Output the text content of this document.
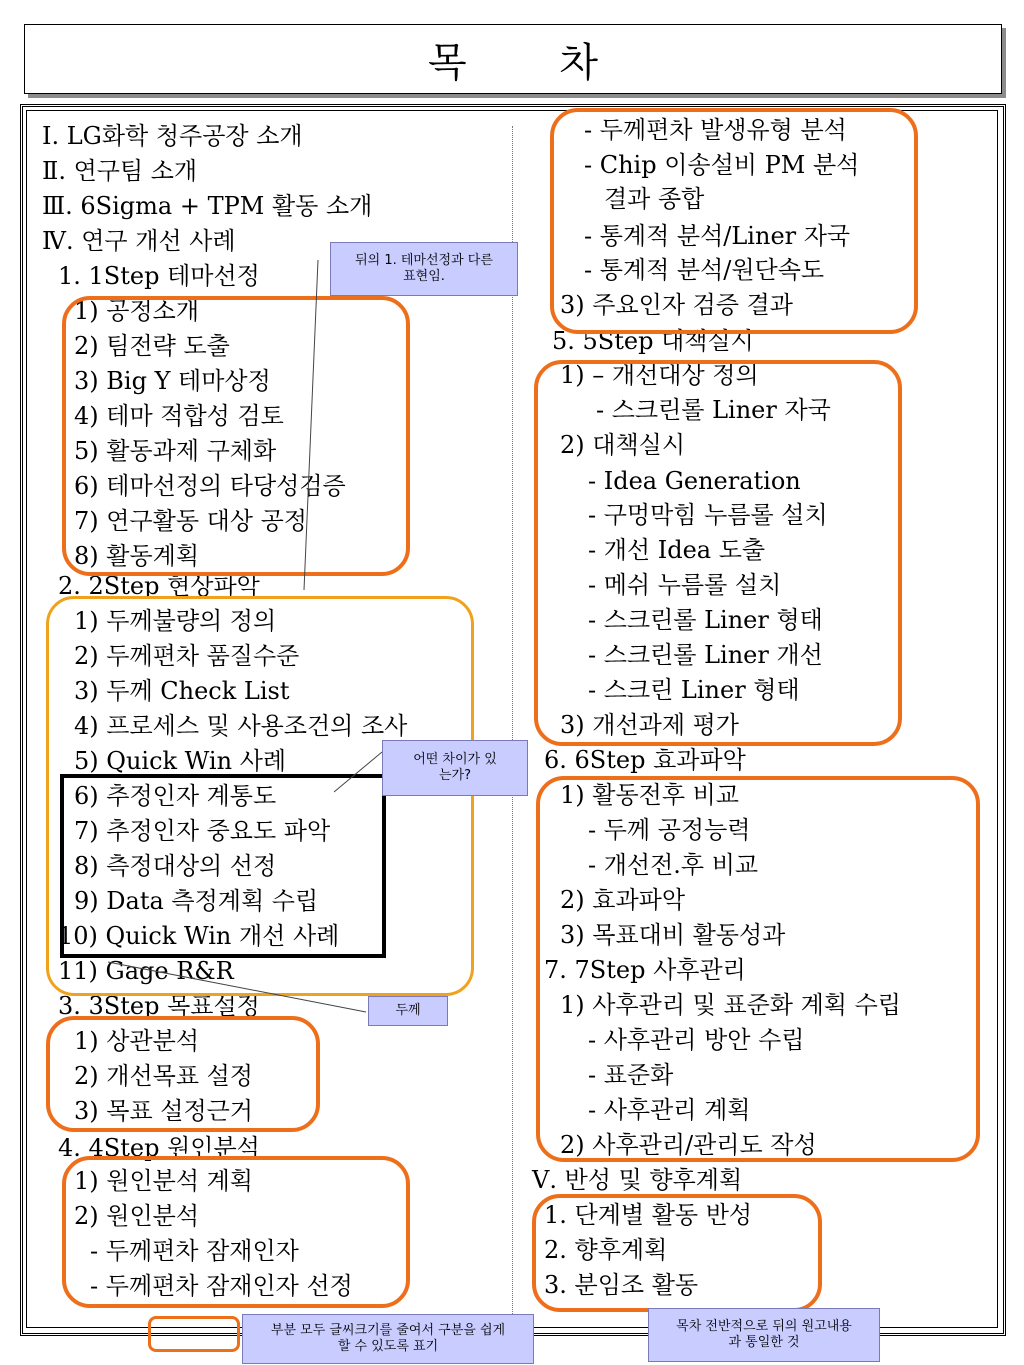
목 차
Ⅰ. LG화학 청주공장 소개
Ⅱ. 연구팀 소개
Ⅲ. 6Sigma + TPM 활동 소개
Ⅳ. 연구 개선 사례
1. 1Step 테마선정
1) 공정소개
2) 팀전략 도출
3) Big Y 테마상정
4) 테마 적합성 검토
5) 활동과제 구체화
6) 테마선정의 타당성검증
7) 연구활동 대상 공정
8) 활동계획
2. 2Step 현상파악
1) 두께불량의 정의
2) 두께편차 품질수준
3) 두께 Check List
4) 프로세스 및 사용조건의 조사
5) Quick Win 사례
6) 추정인자 계통도
7) 추정인자 중요도 파악
8) 측정대상의 선정
9) Data 측정계획 수립
10) Quick Win 개선 사례
11) Gage R&R
3. 3Step 목표설정
1) 상관분석
2) 개선목표 설정
3) 목표 설정근거
4. 4Step 원인분석
1) 원인분석 계획
2) 원인분석
- 두께편차 잠재인자
- 두께편차 잠재인자 선정
- 두께편차 발생유형 분석
- Chip 이송설비 PM 분석
결과 종합
- 통계적 분석/Liner 자국
- 통계적 분석/원단속도
3) 주요인자 검증 결과
5. 5Step 대책실시
1) – 개선대상 정의
- 스크린롤 Liner 자국
2) 대책실시
- Idea Generation
- 구멍막힘 누름롤 설치
- 개선 Idea 도출
- 메쉬 누름롤 설치
- 스크린롤 Liner 형태
- 스크린롤 Liner 개선
- 스크린 Liner 형태
3) 개선과제 평가
6. 6Step 효과파악
1) 활동전후 비교
- 두께 공정능력
- 개선전.후 비교
2) 효과파악
3) 목표대비 활동성과
7. 7Step 사후관리
1) 사후관리 및 표준화 계획 수립
- 사후관리 방안 수립
- 표준화
- 사후관리 계획
2) 사후관리/관리도 작성
Ⅴ. 반성 및 향후계획
1. 단계별 활동 반성
2. 향후계획
3. 분임조 활동
뒤의 1. 테마선정과 다른 표현임.
어떤 차이가 있는가?
두께
부분 모두 글씨크기를 줄여서 구분을 쉽게 할 수 있도록 표기
목차 전반적으로 뒤의 원고내용과 통일한 것
